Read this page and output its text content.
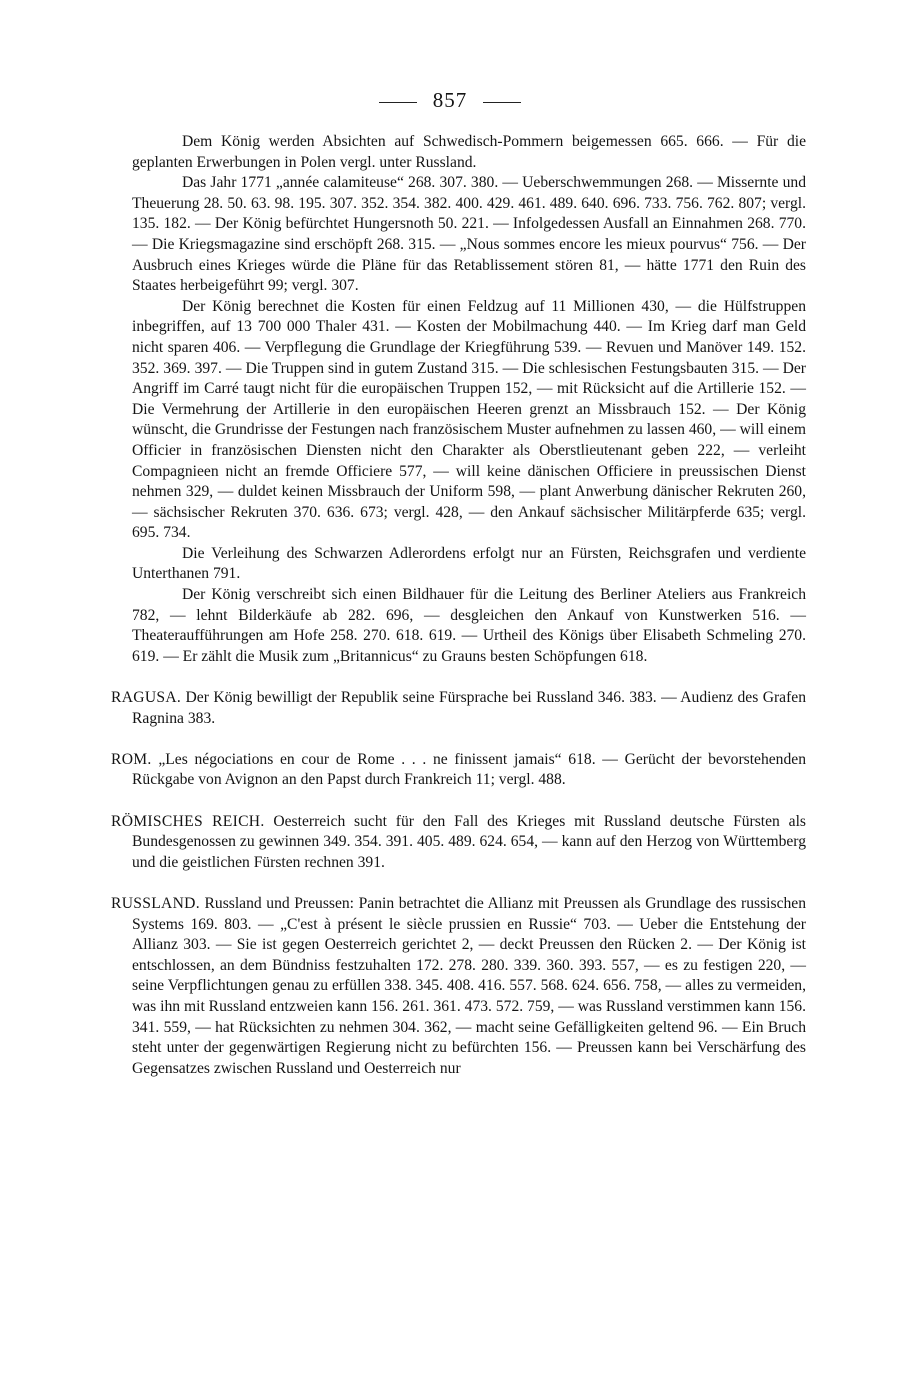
857

Dem König werden Absichten auf Schwedisch-Pommern beigemessen 665. 666. — Für die geplanten Erwerbungen in Polen vergl. unter Russland.

Das Jahr 1771 „année calamiteuse“ 268. 307. 380. — Ueberschwemmungen 268. — Missernte und Theuerung 28. 50. 63. 98. 195. 307. 352. 354. 382. 400. 429. 461. 489. 640. 696. 733. 756. 762. 807; vergl. 135. 182. — Der König befürchtet Hungersnoth 50. 221. — Infolgedessen Ausfall an Einnahmen 268. 770. — Die Kriegsmagazine sind erschöpft 268. 315. — „Nous sommes encore les mieux pourvus“ 756. — Der Ausbruch eines Krieges würde die Pläne für das Retablissement stören 81, — hätte 1771 den Ruin des Staates herbeigeführt 99; vergl. 307.

Der König berechnet die Kosten für einen Feldzug auf 11 Millionen 430, — die Hülfstruppen inbegriffen, auf 13 700 000 Thaler 431. — Kosten der Mobilmachung 440. — Im Krieg darf man Geld nicht sparen 406. — Verpflegung die Grundlage der Kriegführung 539. — Revuen und Manöver 149. 152. 352. 369. 397. — Die Truppen sind in gutem Zustand 315. — Die schlesischen Festungsbauten 315. — Der Angriff im Carré taugt nicht für die europäischen Truppen 152, — mit Rücksicht auf die Artillerie 152. — Die Vermehrung der Artillerie in den europäischen Heeren grenzt an Missbrauch 152. — Der König wünscht, die Grundrisse der Festungen nach französischem Muster aufnehmen zu lassen 460, — will einem Officier in französischen Diensten nicht den Charakter als Oberstlieutenant geben 222, — verleiht Compagnieen nicht an fremde Officiere 577, — will keine dänischen Officiere in preussischen Dienst nehmen 329, — duldet keinen Missbrauch der Uniform 598, — plant Anwerbung dänischer Rekruten 260, — sächsischer Rekruten 370. 636. 673; vergl. 428, — den Ankauf sächsischer Militärpferde 635; vergl. 695. 734.

Die Verleihung des Schwarzen Adlerordens erfolgt nur an Fürsten, Reichsgrafen und verdiente Unterthanen 791.

Der König verschreibt sich einen Bildhauer für die Leitung des Berliner Ateliers aus Frankreich 782, — lehnt Bilderkäufe ab 282. 696, — desgleichen den Ankauf von Kunstwerken 516. — Theateraufführungen am Hofe 258. 270. 618. 619. — Urtheil des Königs über Elisabeth Schmeling 270. 619. — Er zählt die Musik zum „Britannicus“ zu Grauns besten Schöpfungen 618.

RAGUSA. Der König bewilligt der Republik seine Fürsprache bei Russland 346. 383. — Audienz des Grafen Ragnina 383.

ROM. „Les négociations en cour de Rome . . . ne finissent jamais“ 618. — Gerücht der bevorstehenden Rückgabe von Avignon an den Papst durch Frankreich 11; vergl. 488.

RÖMISCHES REICH. Oesterreich sucht für den Fall des Krieges mit Russland deutsche Fürsten als Bundesgenossen zu gewinnen 349. 354. 391. 405. 489. 624. 654, — kann auf den Herzog von Württemberg und die geistlichen Fürsten rechnen 391.

RUSSLAND. Russland und Preussen: Panin betrachtet die Allianz mit Preussen als Grundlage des russischen Systems 169. 803. — „C'est à présent le siècle prussien en Russie“ 703. — Ueber die Entstehung der Allianz 303. — Sie ist gegen Oesterreich gerichtet 2, — deckt Preussen den Rücken 2. — Der König ist entschlossen, an dem Bündniss festzuhalten 172. 278. 280. 339. 360. 393. 557, — es zu festigen 220, — seine Verpflichtungen genau zu erfüllen 338. 345. 408. 416. 557. 568. 624. 656. 758, — alles zu vermeiden, was ihn mit Russland entzweien kann 156. 261. 361. 473. 572. 759, — was Russland verstimmen kann 156. 341. 559, — hat Rücksichten zu nehmen 304. 362, — macht seine Gefälligkeiten geltend 96. — Ein Bruch steht unter der gegenwärtigen Regierung nicht zu befürchten 156. — Preussen kann bei Verschärfung des Gegensatzes zwischen Russland und Oesterreich nur
